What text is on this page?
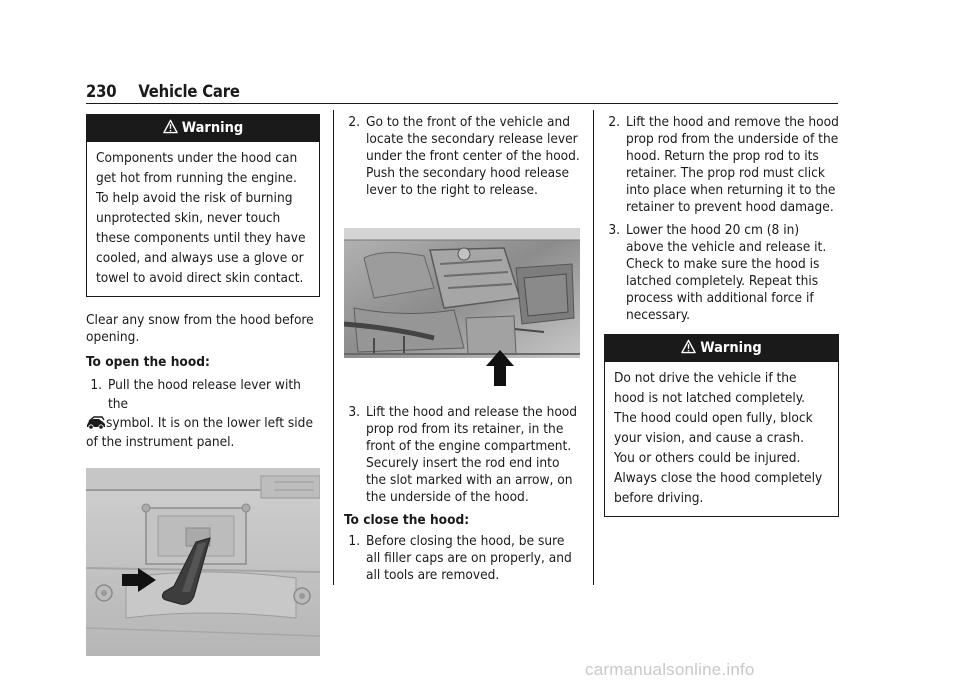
230 Vehicle Care
Warning
Components under the hood can get hot from running the engine. To help avoid the risk of burning unprotected skin, never touch these components until they have cooled, and always use a glove or towel to avoid direct skin contact.

Clear any snow from the hood before opening.

To open the hood:

1. Pull the hood release lever with the
symbol. It is on the lower left side of the instrument panel.
2. Go to the front of the vehicle and locate the secondary release lever under the front center of the hood. Push the secondary hood release lever to the right to release.
3. Lift the hood and release the hood prop rod from its retainer, in the front of the engine compartment. Securely insert the rod end into the slot marked with an arrow, on the underside of the hood.

To close the hood:

1. Before closing the hood, be sure all filler caps are on properly, and all tools are removed.
2. Lift the hood and remove the hood prop rod from the underside of the hood. Return the prop rod to its retainer. The prop rod must click into place when returning it to the retainer to prevent hood damage.
3. Lower the hood 20 cm (8 in) above the vehicle and release it. Check to make sure the hood is latched completely. Repeat this process with additional force if necessary.
Warning
Do not drive the vehicle if the hood is not latched completely. The hood could open fully, block your vision, and cause a crash. You or others could be injured. Always close the hood completely before driving.
carmanualsonline.info
